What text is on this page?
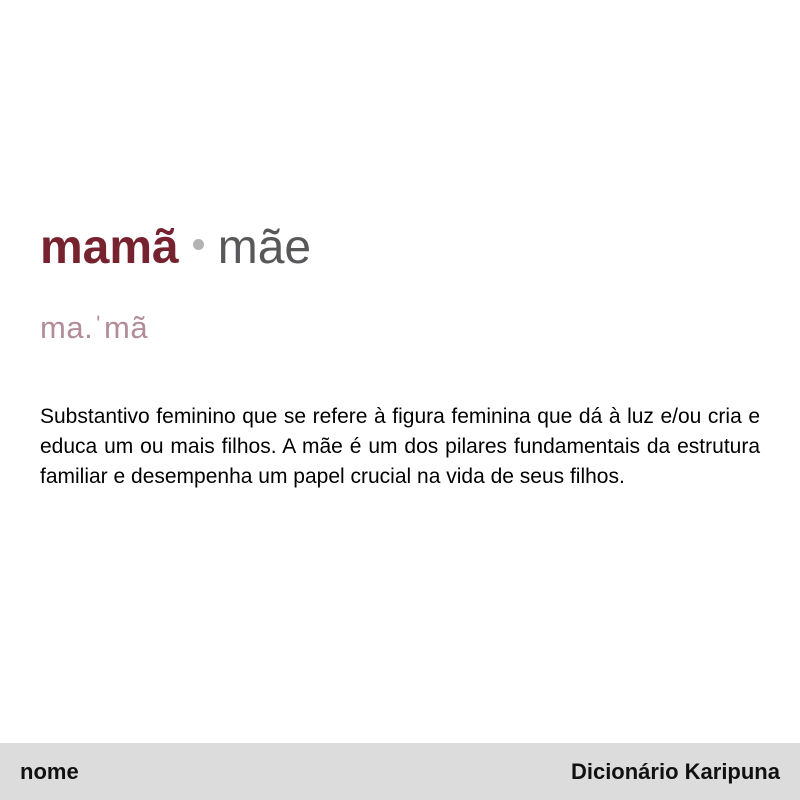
mamã mãe
ma.ˈmã

Substantivo feminino que se refere à figura feminina que dá à luz e/ou cria e educa um ou mais filhos. A mãe é um dos pilares fundamentais da estrutura familiar e desempenha um papel crucial na vida de seus filhos.

nome	Dicionário Karipuna
